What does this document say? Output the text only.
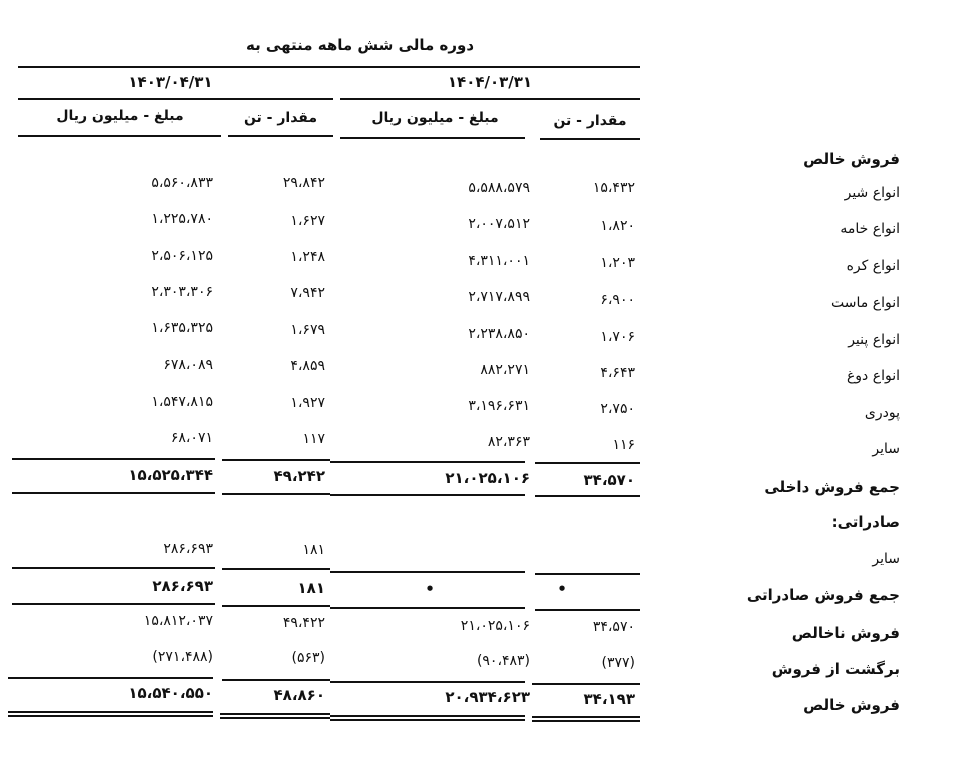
دوره مالی شش ماهه منتهی به
۱۴۰۴/۰۳/۳۱
۱۴۰۳/۰۴/۳۱
مقدار - تن
مبلغ - میلیون ریال
مقدار - تن
مبلغ - میلیون ریال
فروش خالص
انواع شیر
۱۵،۴۳۲
۵،۵۸۸،۵۷۹
۲۹،۸۴۲
۵،۵۶۰،۸۳۳
انواع خامه
۱،۸۲۰
۲،۰۰۷،۵۱۲
۱،۶۲۷
۱،۲۲۵،۷۸۰
انواع کره
۱،۲۰۳
۴،۳۱۱،۰۰۱
۱،۲۴۸
۲،۵۰۶،۱۲۵
انواع ماست
۶،۹۰۰
۲،۷۱۷،۸۹۹
۷،۹۴۲
۲،۳۰۳،۳۰۶
انواع پنیر
۱،۷۰۶
۲،۲۳۸،۸۵۰
۱،۶۷۹
۱،۶۳۵،۳۲۵
انواع دوغ
۴،۶۴۳
۸۸۲،۲۷۱
۴،۸۵۹
۶۷۸،۰۸۹
پودری
۲،۷۵۰
۳،۱۹۶،۶۳۱
۱،۹۲۷
۱،۵۴۷،۸۱۵
سایر
۱۱۶
۸۲،۳۶۳
۱۱۷
۶۸،۰۷۱
جمع فروش داخلی
۳۴،۵۷۰
۲۱،۰۲۵،۱۰۶
۴۹،۲۴۲
۱۵،۵۲۵،۳۴۴
صادراتی:
سایر
۱۸۱
۲۸۶،۶۹۳
جمع فروش صادراتی
•
•
۱۸۱
۲۸۶،۶۹۳
فروش ناخالص
۳۴،۵۷۰
۲۱،۰۲۵،۱۰۶
۴۹،۴۲۲
۱۵،۸۱۲،۰۳۷
برگشت از فروش
(۳۷۷)
(۹۰،۴۸۳)
(۵۶۳)
(۲۷۱،۴۸۸)
فروش خالص
۳۴،۱۹۳
۲۰،۹۳۴،۶۲۳
۴۸،۸۶۰
۱۵،۵۴۰،۵۵۰
